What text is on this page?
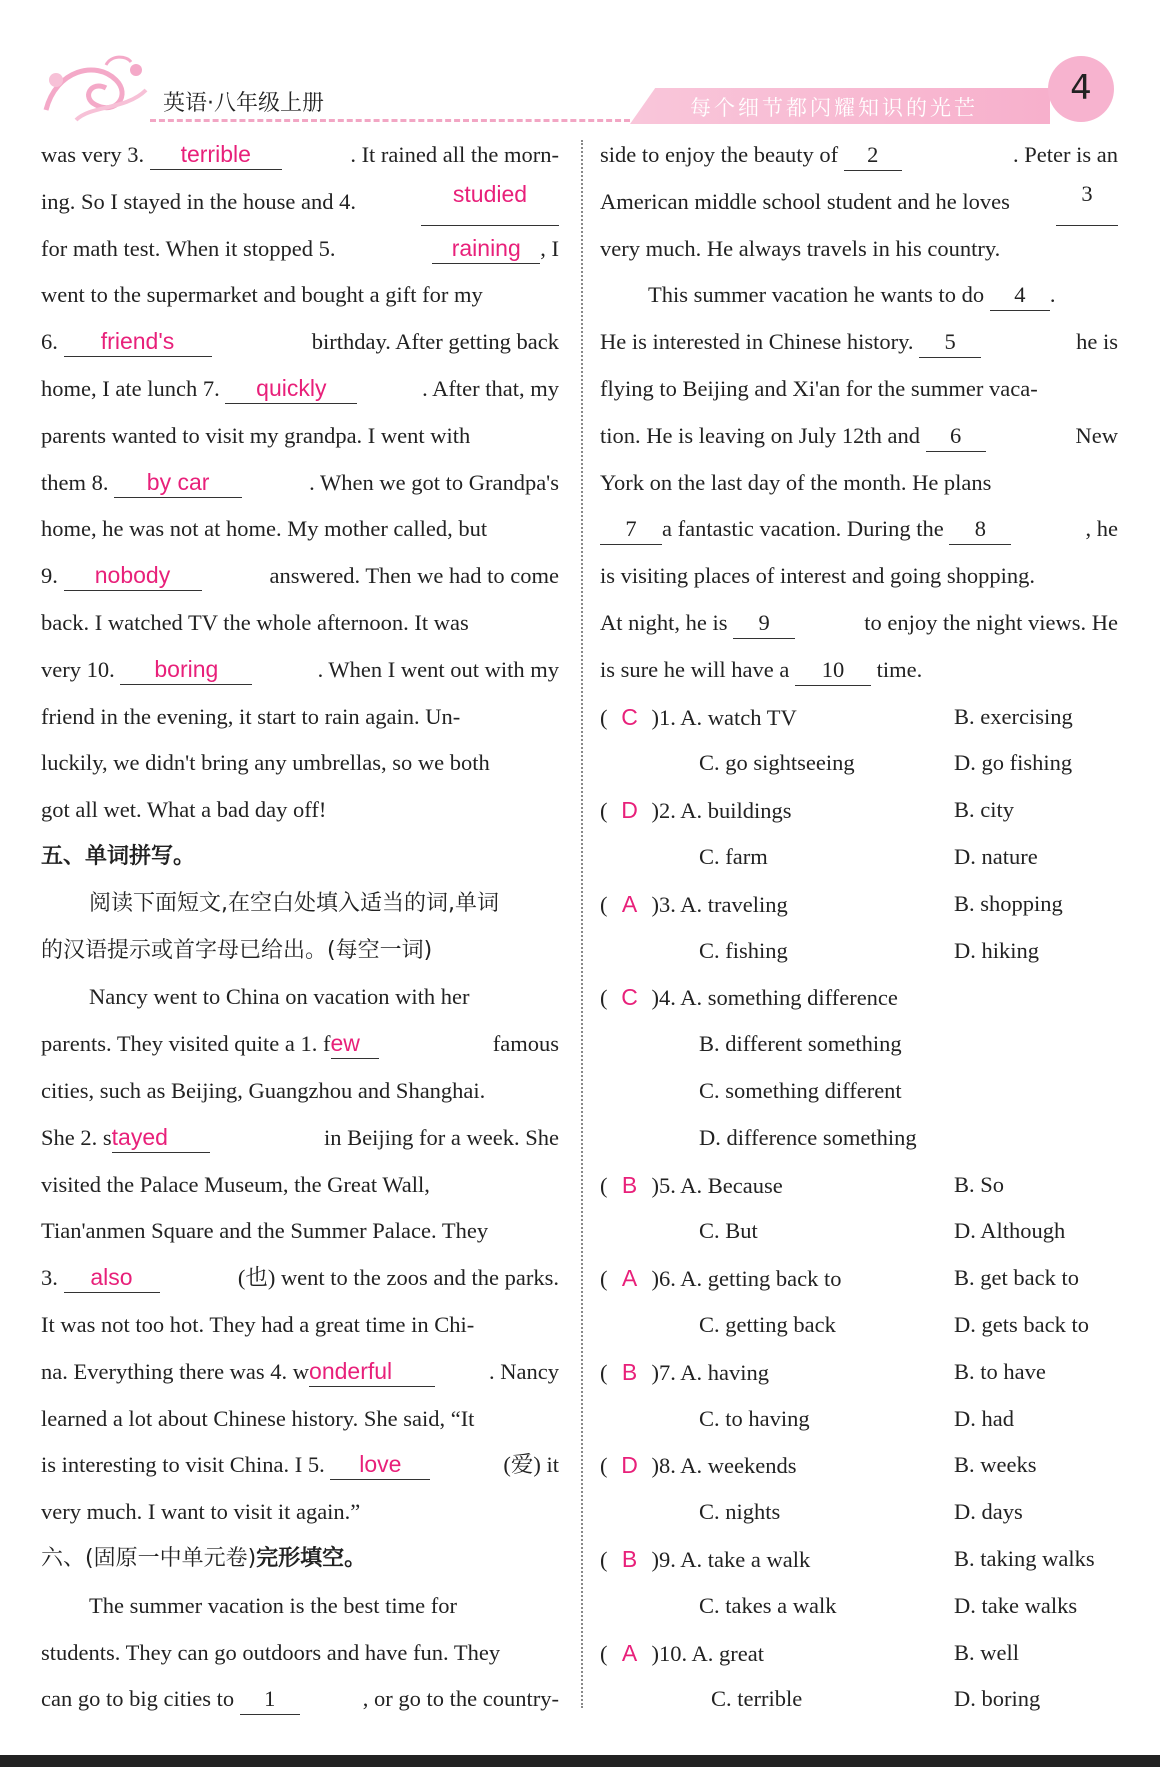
英语·八年级上册	每个细节都闪耀知识的光芒	4
was very 3. terrible	. It rained all the morn-
ing. So I stayed in the house and 4.	studied
for math test. When it stopped 5.	raining , I
went to the supermarket and bought a gift for my
6. friend's	birthday. After getting back
home, I ate lunch 7. quickly	. After that, my
parents wanted to visit my grandpa. I went with
them 8. by car	. When we got to Grandpa's
home, he was not at home. My mother called, but
9. nobody	answered. Then we had to come
back. I watched TV the whole afternoon. It was
very 10. boring	. When I went out with my
friend in the evening, it start to rain again. Un-
luckily, we didn't bring any umbrellas, so we both
got all wet. What a bad day off!
五、单词拼写。
阅读下面短文,在空白处填入适当的词,单词
的汉语提示或首字母已给出。(每空一词)
Nancy went to China on vacation with her
parents. They visited quite a 1. few	famous
cities, such as Beijing, Guangzhou and Shanghai.
She 2. stayed	in Beijing for a week. She
visited the Palace Museum, the Great Wall,
Tian'anmen Square and the Summer Palace. They
3. also	(也) went to the zoos and the parks.
It was not too hot. They had a great time in Chi-
na. Everything there was 4. wonderful	. Nancy
learned a lot about Chinese history. She said, “It
is interesting to visit China. I 5. love	(爱) it
very much. I want to visit it again.”
六、(固原一中单元卷)完形填空。
The summer vacation is the best time for
students. They can go outdoors and have fun. They
can go to big cities to 1	, or go to the country-
side to enjoy the beauty of 2	. Peter is an
American middle school student and he loves	3
very much. He always travels in his country.
This summer vacation he wants to do 4 .
He is interested in Chinese history. 5	he is
flying to Beijing and Xi'an for the summer vaca-
tion. He is leaving on July 12th and 6	New
York on the last day of the month. He plans
7 a fantastic vacation. During the 8	, he
is visiting places of interest and going shopping.
At night, he is 9	to enjoy the night views. He
is sure he will have a 10 time.
( C )1. A. watch TV	B. exercising
C. go sightseeing	D. go fishing
( D )2. A. buildings	B. city
C. farm	D. nature
( A )3. A. traveling	B. shopping
C. fishing	D. hiking
( C )4. A. something difference
B. different something
C. something different
D. difference something
( B )5. A. Because	B. So
C. But	D. Although
( A )6. A. getting back to	B. get back to
C. getting back	D. gets back to
( B )7. A. having	B. to have
C. to having	D. had
( D )8. A. weekends	B. weeks
C. nights	D. days
( B )9. A. take a walk	B. taking walks
C. takes a walk	D. take walks
( A )10. A. great	B. well
C. terrible	D. boring
